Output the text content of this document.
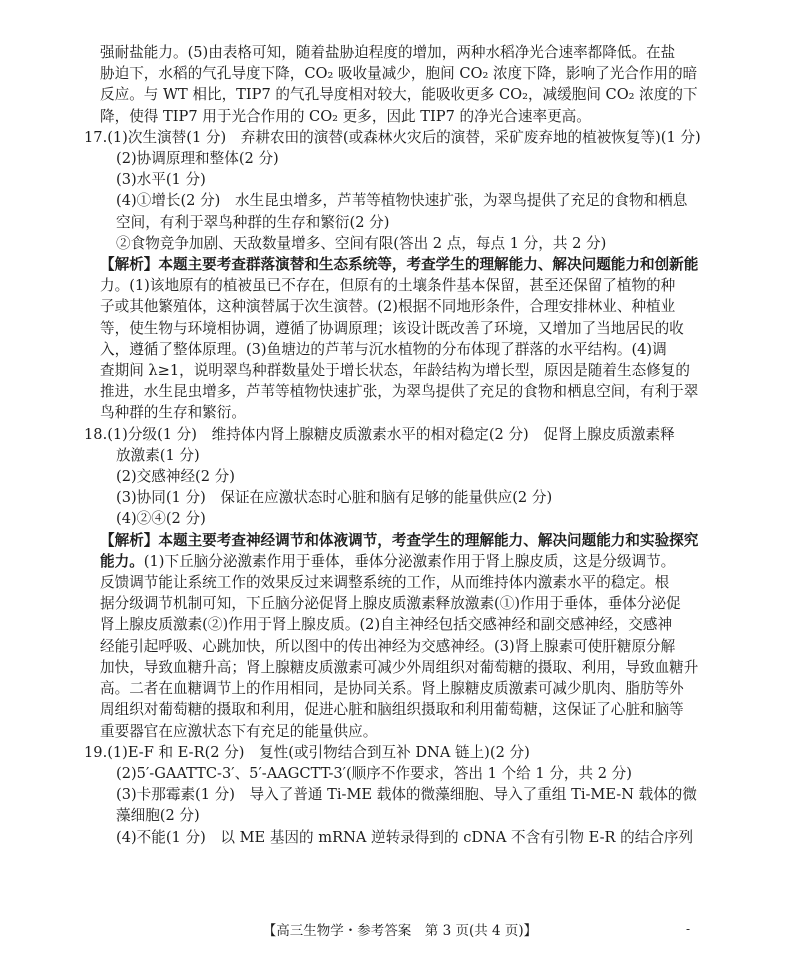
强耐盐能力。(5)由表格可知，随着盐胁迫程度的增加，两种水稻净光合速率都降低。在盐

胁迫下，水稻的气孔导度下降，CO₂ 吸收量减少，胞间 CO₂ 浓度下降，影响了光合作用的暗

反应。与 WT 相比，TIP7 的气孔导度相对较大，能吸收更多 CO₂，减缓胞间 CO₂ 浓度的下

降，使得 TIP7 用于光合作用的 CO₂ 更多，因此 TIP7 的净光合速率更高。

17.(1)次生演替(1 分)　弃耕农田的演替(或森林火灾后的演替，采矿废弃地的植被恢复等)(1 分)

(2)协调原理和整体(2 分)

(3)水平(1 分)

(4)①增长(2 分)　水生昆虫增多，芦苇等植物快速扩张，为翠鸟提供了充足的食物和栖息

空间，有利于翠鸟种群的生存和繁衍(2 分)

②食物竞争加剧、天敌数量增多、空间有限(答出 2 点，每点 1 分，共 2 分)

【解析】本题主要考查群落演替和生态系统等，考查学生的理解能力、解决问题能力和创新能

力。(1)该地原有的植被虽已不存在，但原有的土壤条件基本保留，甚至还保留了植物的种

子或其他繁殖体，这种演替属于次生演替。(2)根据不同地形条件，合理安排林业、种植业

等，使生物与环境相协调，遵循了协调原理；该设计既改善了环境，又增加了当地居民的收

入，遵循了整体原理。(3)鱼塘边的芦苇与沉水植物的分布体现了群落的水平结构。(4)调

查期间 λ≥1，说明翠鸟种群数量处于增长状态，年龄结构为增长型，原因是随着生态修复的

推进，水生昆虫增多，芦苇等植物快速扩张，为翠鸟提供了充足的食物和栖息空间，有利于翠

鸟种群的生存和繁衍。

18.(1)分级(1 分)　维持体内肾上腺糖皮质激素水平的相对稳定(2 分)　促肾上腺皮质激素释

放激素(1 分)

(2)交感神经(2 分)

(3)协同(1 分)　保证在应激状态时心脏和脑有足够的能量供应(2 分)

(4)②④(2 分)

【解析】本题主要考查神经调节和体液调节，考查学生的理解能力、解决问题能力和实验探究

能力。(1)下丘脑分泌激素作用于垂体，垂体分泌激素作用于肾上腺皮质，这是分级调节。

反馈调节能让系统工作的效果反过来调整系统的工作，从而维持体内激素水平的稳定。根

据分级调节机制可知，下丘脑分泌促肾上腺皮质激素释放激素(①)作用于垂体，垂体分泌促

肾上腺皮质激素(②)作用于肾上腺皮质。(2)自主神经包括交感神经和副交感神经，交感神

经能引起呼吸、心跳加快，所以图中的传出神经为交感神经。(3)肾上腺素可使肝糖原分解

加快，导致血糖升高；肾上腺糖皮质激素可减少外周组织对葡萄糖的摄取、利用，导致血糖升

高。二者在血糖调节上的作用相同，是协同关系。肾上腺糖皮质激素可减少肌肉、脂肪等外

周组织对葡萄糖的摄取和利用，促进心脏和脑组织摄取和利用葡萄糖，这保证了心脏和脑等

重要器官在应激状态下有充足的能量供应。

19.(1)E-F 和 E-R(2 分)　复性(或引物结合到互补 DNA 链上)(2 分)

(2)5′-GAATTC-3′、5′-AAGCTT-3′(顺序不作要求，答出 1 个给 1 分，共 2 分)

(3)卡那霉素(1 分)　导入了普通 Ti-ME 载体的微藻细胞、导入了重组 Ti-ME-N 载体的微

藻细胞(2 分)

(4)不能(1 分)　以 ME 基因的 mRNA 逆转录得到的 cDNA 不含有引物 E-R 的结合序列

【高三生物学・参考答案　第 3 页(共 4 页)】	-
